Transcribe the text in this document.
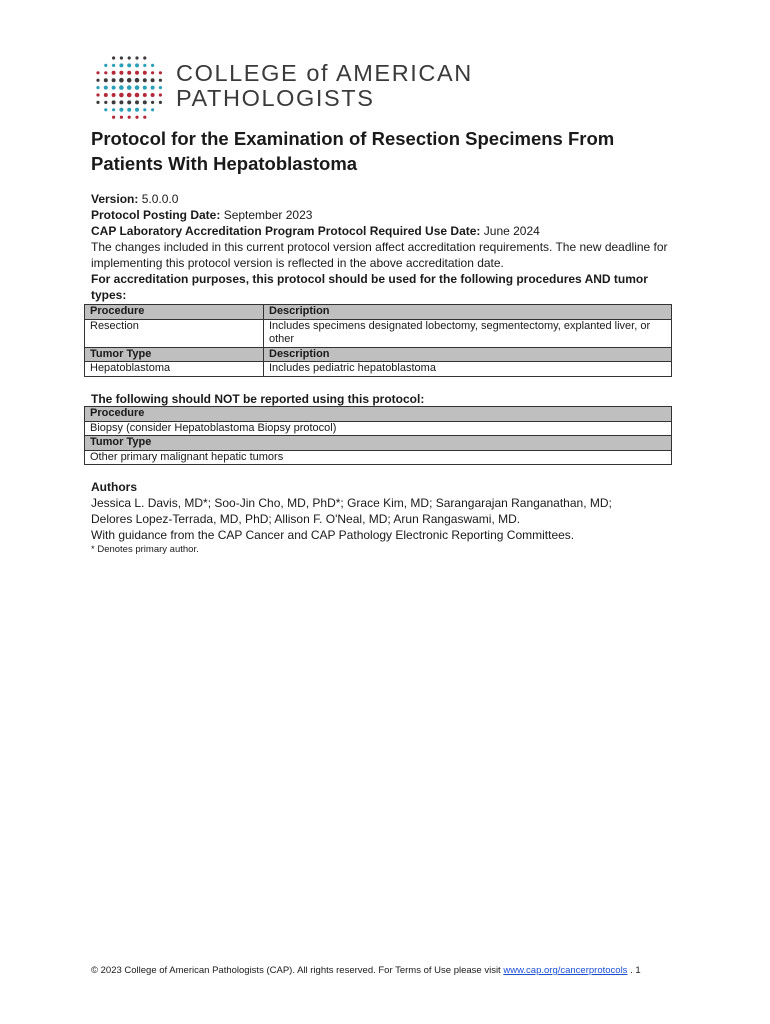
COLLEGE of AMERICAN
PATHOLOGISTS
Protocol for the Examination of Resection Specimens From Patients With Hepatoblastoma
Version: 5.0.0.0
Protocol Posting Date: September 2023
CAP Laboratory Accreditation Program Protocol Required Use Date: June 2024
The changes included in this current protocol version affect accreditation requirements. The new deadline for implementing this protocol version is reflected in the above accreditation date.
For accreditation purposes, this protocol should be used for the following procedures AND tumor types:
Procedure	Description
Resection	Includes specimens designated lobectomy, segmentectomy, explanted liver, or other
Tumor Type	Description
Hepatoblastoma	Includes pediatric hepatoblastoma
The following should NOT be reported using this protocol:
Procedure
Biopsy (consider Hepatoblastoma Biopsy protocol)
Tumor Type
Other primary malignant hepatic tumors
Authors
Jessica L. Davis, MD*; Soo-Jin Cho, MD, PhD*; Grace Kim, MD; Sarangarajan Ranganathan, MD;
Delores Lopez-Terrada, MD, PhD; Allison F. O'Neal, MD; Arun Rangaswami, MD.
With guidance from the CAP Cancer and CAP Pathology Electronic Reporting Committees.
* Denotes primary author.
© 2023 College of American Pathologists (CAP). All rights reserved. For Terms of Use please visit www.cap.org/cancerprotocols . 1
